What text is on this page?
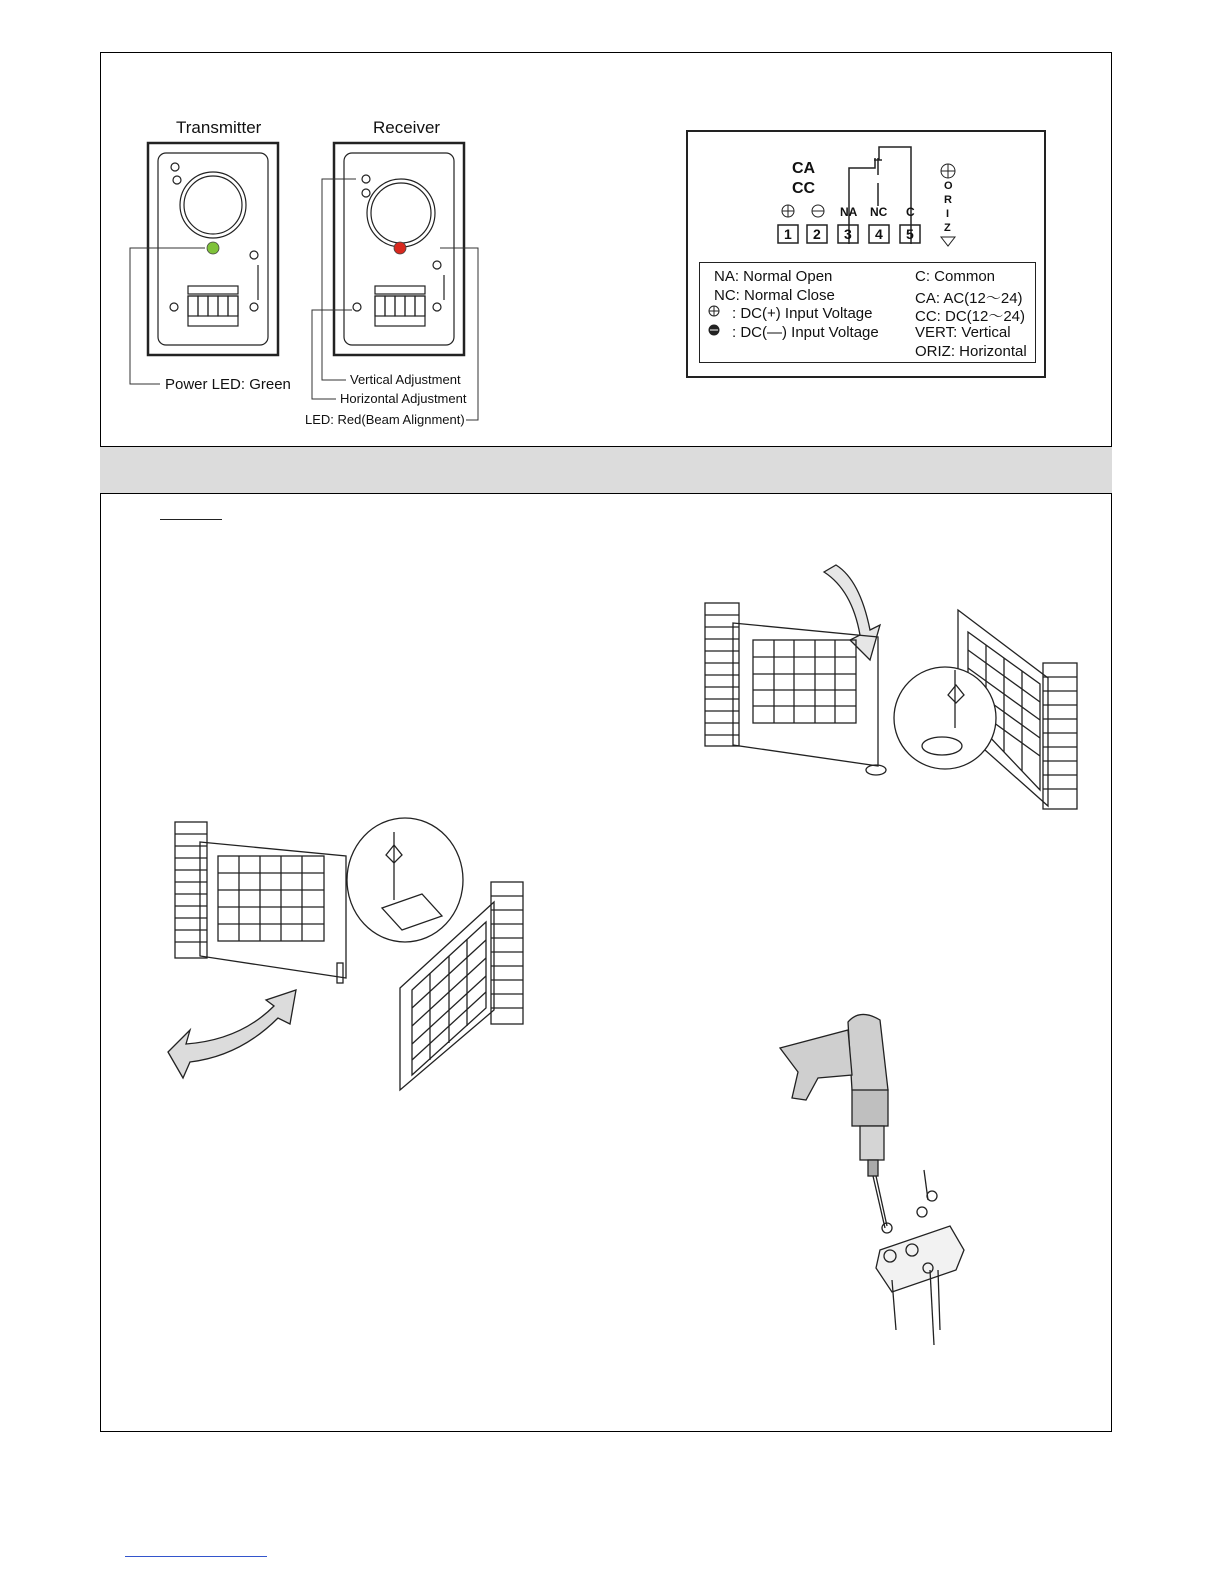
Transmitter	Receiver
Power LED: Green	Vertical Adjustment
Horizontal Adjustment
LED: Red(Beam Alignment)
CA
CC
NA NC C
1 2 3 4 5
O
R
I
Z
NA: Normal Open
NC: Normal Close
: DC(+) Input Voltage
: DC(—) Input Voltage
C: Common
CA: AC(12～24)
CC: DC(12～24)
VERT: Vertical
ORIZ: Horizontal
